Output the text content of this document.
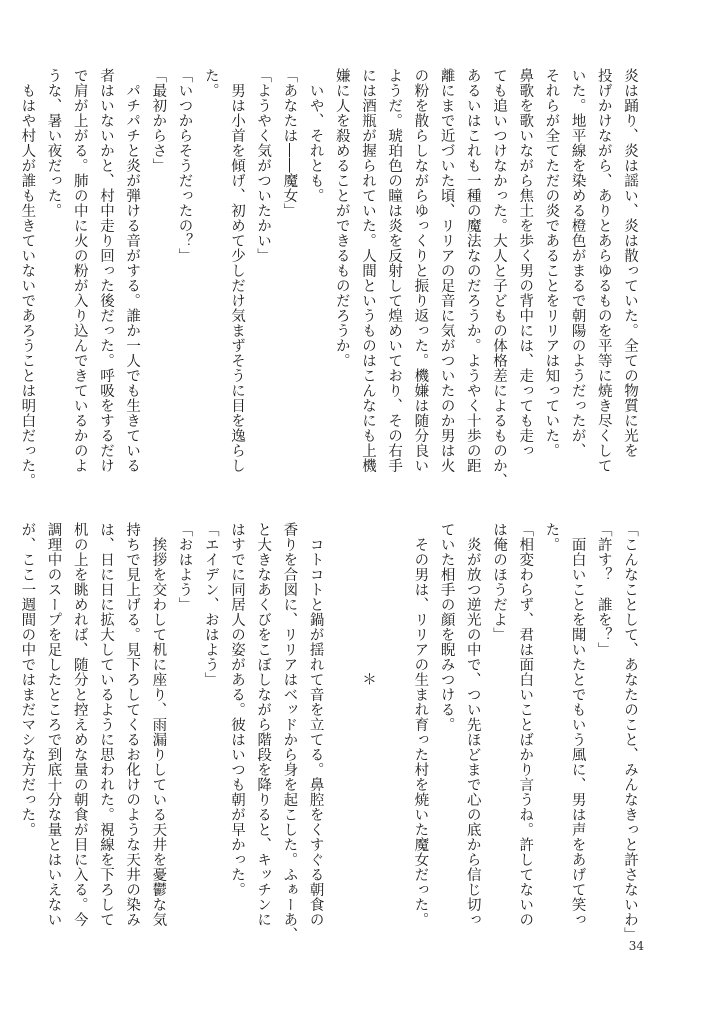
炎は踊り、炎は謡い、炎は散っていた。全ての物質に光を

投げかけながら、ありとあらゆるものを平等に焼き尽くして

いた。地平線を染める橙色がまるで朝陽のようだったが、

それらが全てただの炎であることをリリアは知っていた。

鼻歌を歌いながら焦土を歩く男の背中には、走っても走っ

ても追いつけなかった。大人と子どもの体格差によるものか、

あるいはこれも一種の魔法なのだろうか。ようやく十歩の距

離にまで近づいた頃、リリアの足音に気がついたのか男は火

の粉を散らしながらゆっくりと振り返った。機嫌は随分良い

ようだ。琥珀色の瞳は炎を反射して煌めいており、その右手

には酒瓶が握られていた。人間というものはこんなにも上機

嫌に人を殺めることができるものだろうか。

　いや、それとも。

「あなたは――魔女」

「ようやく気がついたかい」

　男は小首を傾げ、初めて少しだけ気まずそうに目を逸らし

た。

「いつからそうだったの？」

「最初からさ」

　パチパチと炎が弾ける音がする。誰か一人でも生きている

者はいないかと、村中走り回った後だった。呼吸をするだけ

で肩が上がる。肺の中に火の粉が入り込んできているかのよ

うな、暑い夜だった。

　もはや村人が誰も生きていないであろうことは明白だった。

「こんなことして、あなたのこと、みんなきっと許さないわ」

「許す？　誰を？」

　面白いことを聞いたとでもいう風に、男は声をあげて笑っ

た。

「相変わらず、君は面白いことばかり言うね。許してないの

は俺のほうだよ」

　炎が放つ逆光の中で、つい先ほどまで心の底から信じ切っ

ていた相手の顔を睨みつける。

　その男は、リリアの生まれ育った村を焼いた魔女だった。

　　　　　　　　　　＊

　コトコトと鍋が揺れて音を立てる。鼻腔をくすぐる朝食の

香りを合図に、リリアはベッドから身を起こした。ふぁーあ、

と大きなあくびをこぼしながら階段を降りると、キッチンに

はすでに同居人の姿がある。彼はいつも朝が早かった。

「エイデン、おはよう」

「おはよう」

　挨拶を交わして机に座り、雨漏りしている天井を憂鬱な気

持ちで見上げる。見下ろしてくるお化けのような天井の染み

は、日に日に拡大しているように思われた。視線を下ろして

机の上を眺めれば、随分と控えめな量の朝食が目に入る。今

調理中のスープを足したところで到底十分な量とはいえない

が、ここ一週間の中ではまだマシな方だった。

34
